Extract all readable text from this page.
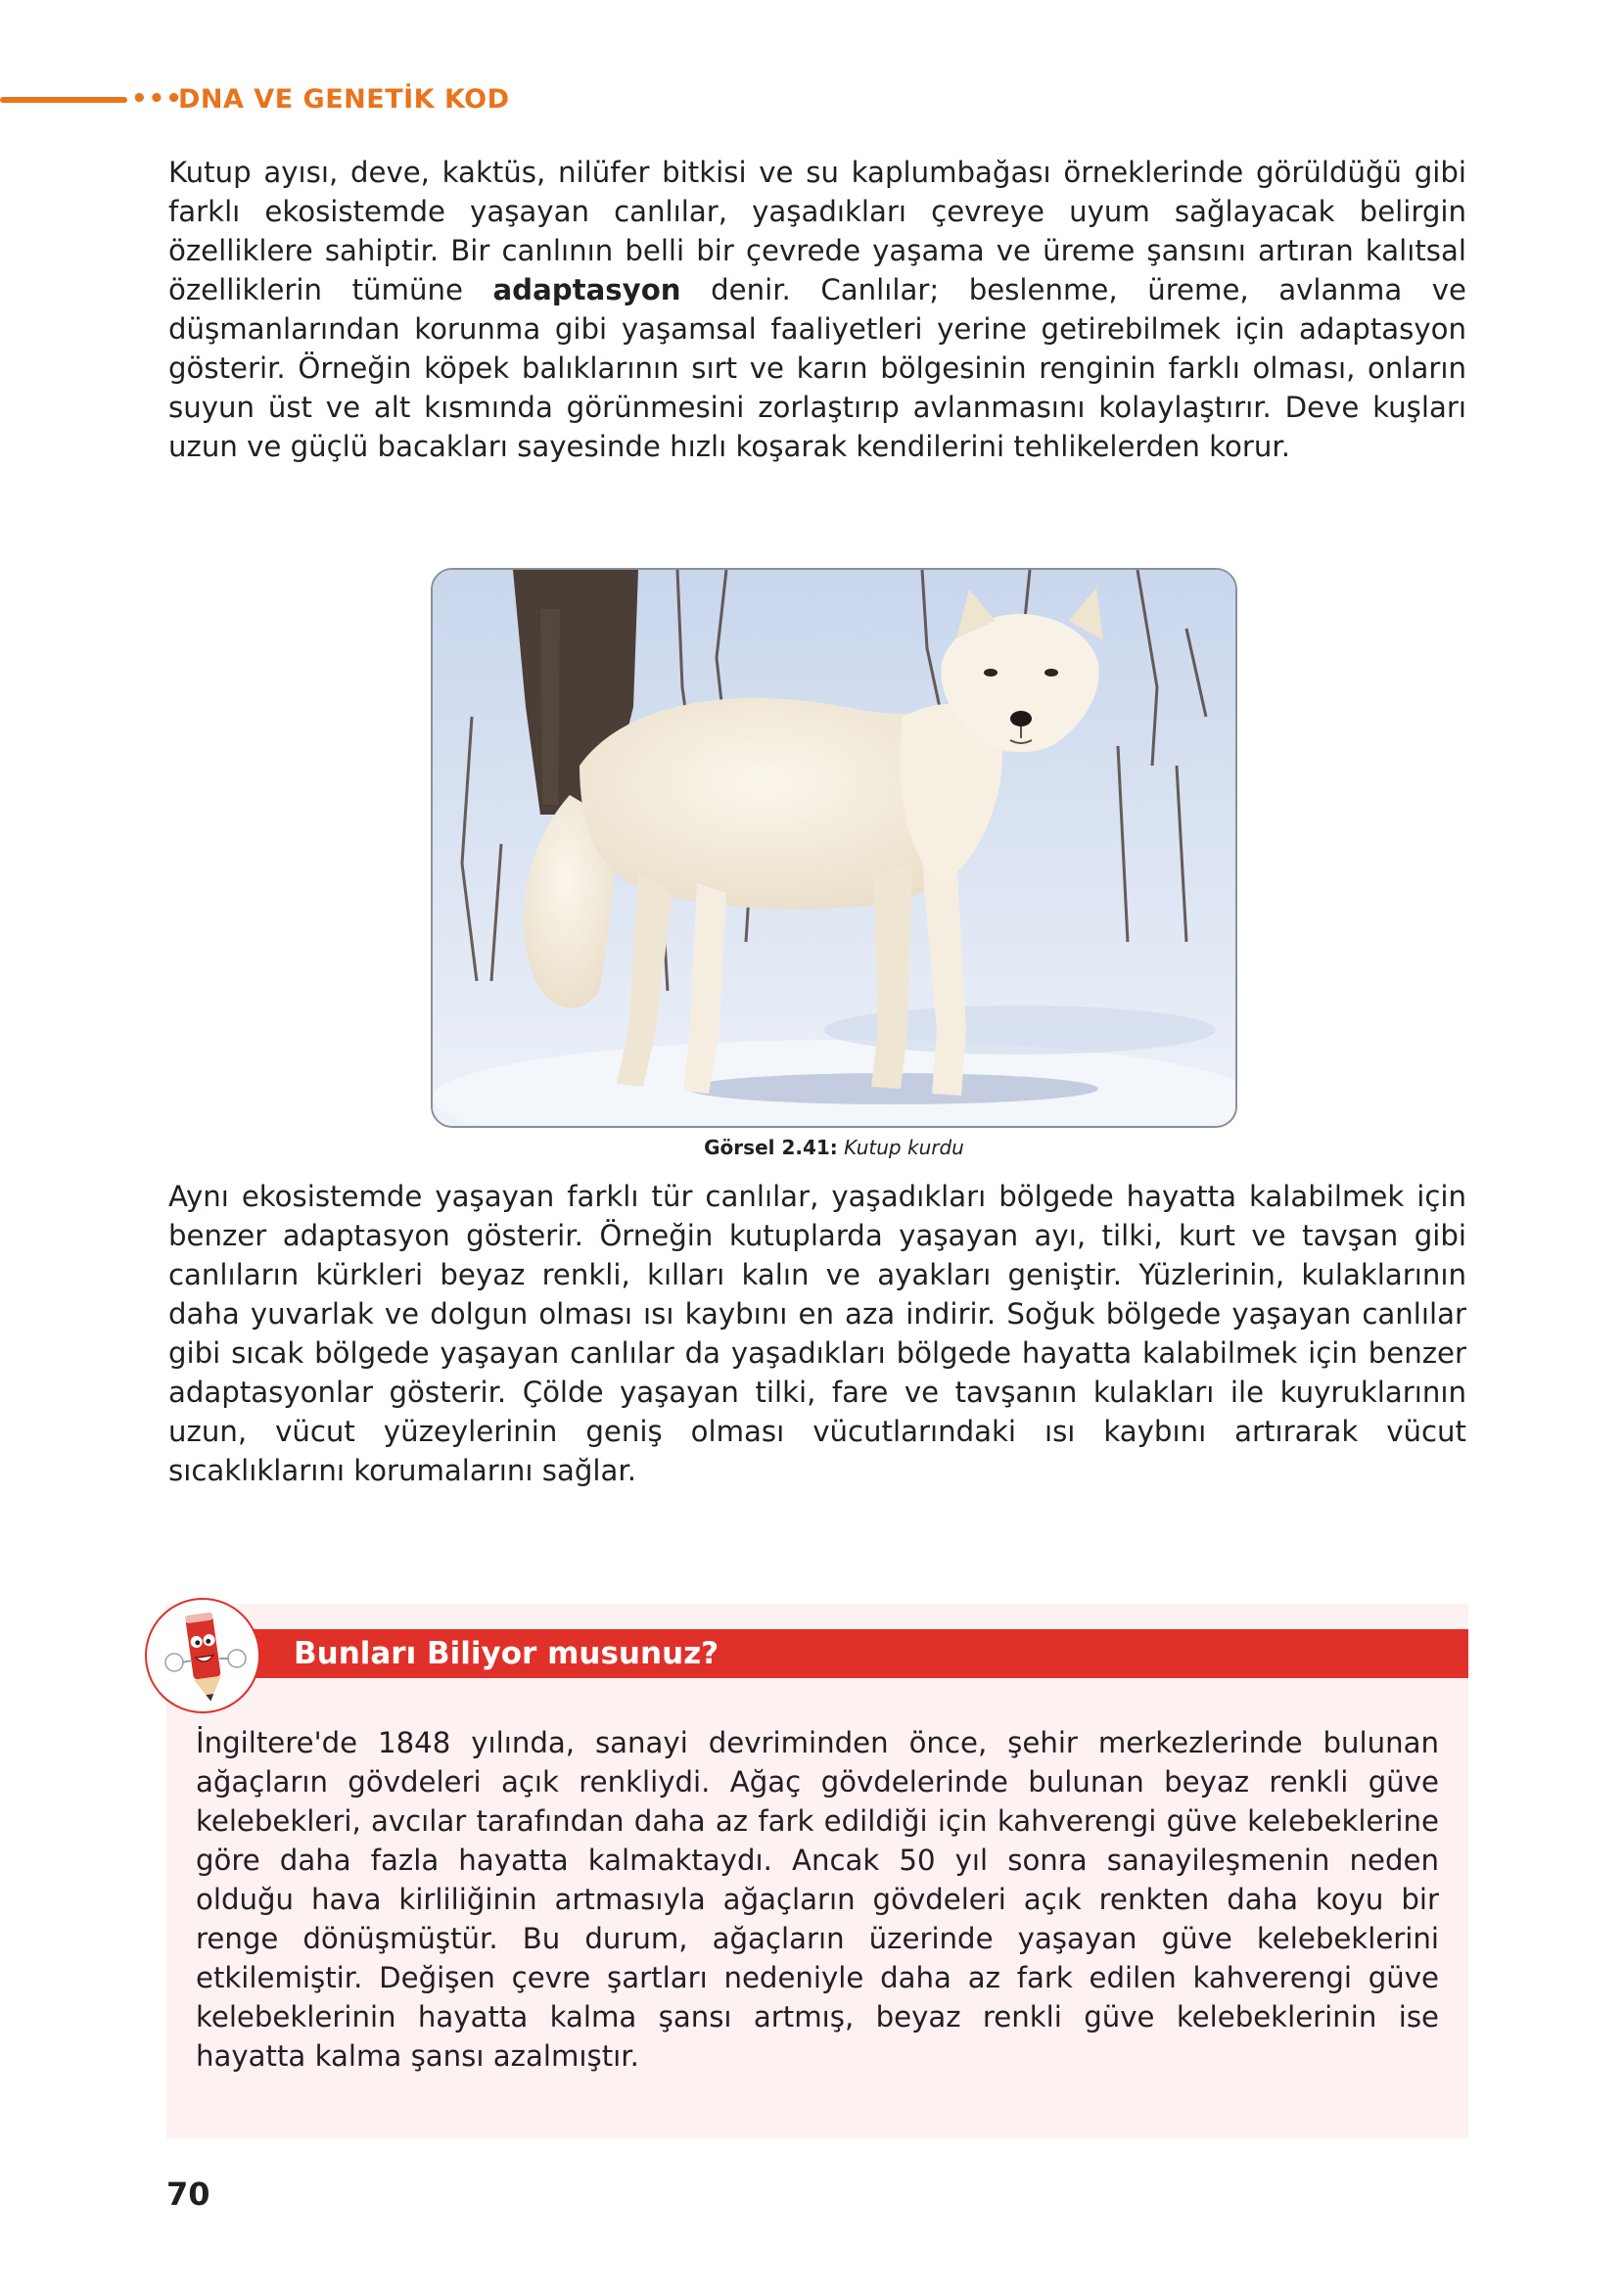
•••
DNA VE GENETİK KOD

Kutup ayısı, deve, kaktüs, nilüfer bitkisi ve su kaplumbağası örneklerinde görüldüğü gibi farklı ekosistemde yaşayan canlılar, yaşadıkları çevreye uyum sağlayacak belirgin özelliklere sahiptir. Bir canlının belli bir çevrede yaşama ve üreme şansını artıran kalıtsal özelliklerin tümüne adaptasyon denir. Canlılar; beslenme, üreme, avlanma ve düşmanlarından korunma gibi yaşamsal faaliyetleri yerine getirebilmek için adaptasyon gösterir. Örneğin köpek balıklarının sırt ve karın bölgesinin renginin farklı olması, onların suyun üst ve alt kısmında görünmesini zorlaştırıp avlanmasını kolaylaştırır. Deve kuşları uzun ve güçlü bacakları sayesinde hızlı koşarak kendilerini tehlikelerden korur.

Görsel 2.41: Kutup kurdu

Aynı ekosistemde yaşayan farklı tür canlılar, yaşadıkları bölgede hayatta kalabilmek için benzer adaptasyon gösterir. Örneğin kutuplarda yaşayan ayı, tilki, kurt ve tavşan gibi canlıların kürkleri beyaz renkli, kılları kalın ve ayakları geniştir. Yüzlerinin, kulaklarının daha yuvarlak ve dolgun olması ısı kaybını en aza indirir. Soğuk bölgede yaşayan canlılar gibi sıcak bölgede yaşayan canlılar da yaşadıkları bölgede hayatta kalabilmek için benzer adaptasyonlar gösterir. Çölde yaşayan tilki, fare ve tavşanın kulakları ile kuyruklarının uzun, vücut yüzeylerinin geniş olması vücutlarındaki ısı kaybını artırarak vücut sıcaklıklarını korumalarını sağlar.

Bunları Biliyor musunuz?

İngiltere'de 1848 yılında, sanayi devriminden önce, şehir merkezlerinde bulunan ağaçların gövdeleri açık renkliydi. Ağaç gövdelerinde bulunan beyaz renkli güve kelebekleri, avcılar tarafından daha az fark edildiği için kahverengi güve kelebeklerine göre daha fazla hayatta kalmaktaydı. Ancak 50 yıl sonra sanayileşmenin neden olduğu hava kirliliğinin artmasıyla ağaçların gövdeleri açık renkten daha koyu bir renge dönüşmüştür. Bu durum, ağaçların üzerinde yaşayan güve kelebeklerini etkilemiştir. Değişen çevre şartları nedeniyle daha az fark edilen kahverengi güve kelebeklerinin hayatta kalma şansı artmış, beyaz renkli güve kelebeklerinin ise hayatta kalma şansı azalmıştır.

70
